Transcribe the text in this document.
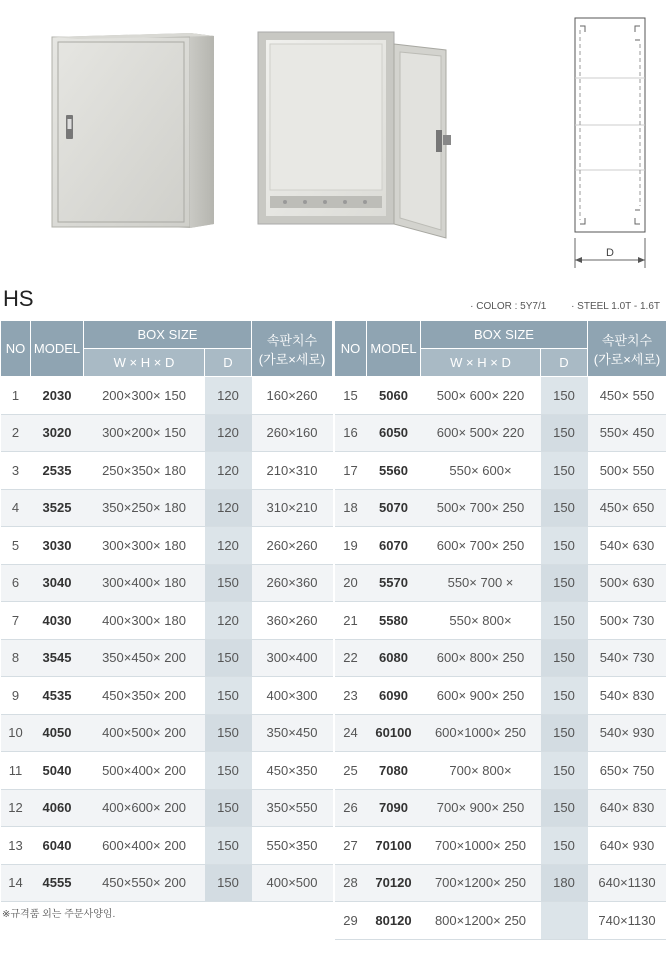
D
HS	· COLOR : 5Y7/1 · STEEL 1.0T - 1.6T
NO	MODEL	BOX SIZE		속판치수
(가로×세로)

		W × H × D	D	
1	2030	200×300× 150	120	160×260
2	3020	300×200× 150	120	260×160
3	2535	250×350× 180	120	210×310
4	3525	350×250× 180	120	310×210
5	3030	300×300× 180	120	260×260
6	3040	300×400× 180	150	260×360
7	4030	400×300× 180	120	360×260
8	3545	350×450× 200	150	300×400
9	4535	450×350× 200	150	400×300
10	4050	400×500× 200	150	350×450
11	5040	500×400× 200	150	450×350
12	4060	400×600× 200	150	350×550
13	6040	600×400× 200	150	550×350
14	4555	450×550× 200	150	400×500
NO	MODEL	BOX SIZE		속판치수
(가로×세로)

		W × H × D	D	
15	5060	500× 600× 220	150	450× 550
16	6050	600× 500× 220	150	550× 450
17	5560	550× 600×	150	500× 550
18	5070	500× 700× 250	150	450× 650
19	6070	600× 700× 250	150	540× 630
20	5570	550× 700 ×	150	500× 630
21	5580	550× 800×	150	500× 730
22	6080	600× 800× 250	150	540× 730
23	6090	600× 900× 250	150	540× 830
24	60100	600×1000× 250	150	540× 930
25	7080	700× 800×	150	650× 750
26	7090	700× 900× 250	150	640× 830
27	70100	700×1000× 250	150	640× 930
28	70120	700×1200× 250	180	640×1130
29	80120	800×1200× 250		740×1130
※규격품 외는 주문사양임.
